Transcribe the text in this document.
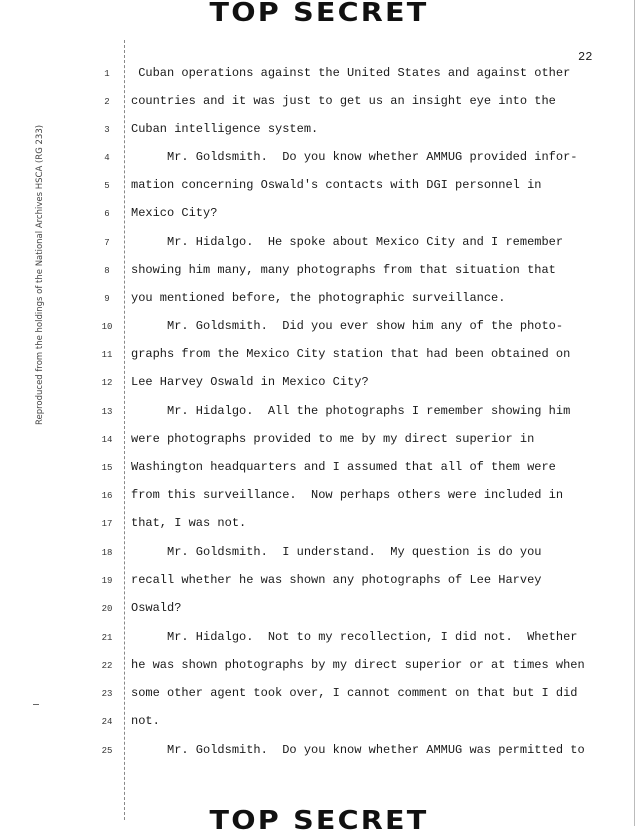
TOP SECRET
22
Reproduced from the holdings of the National Archives HSCA (RG 233)
1	Cuban operations against the United States and against other
2	countries and it was just to get us an insight eye into the
3	Cuban intelligence system.
4	Mr. Goldsmith.  Do you know whether AMMUG provided infor-
5	mation concerning Oswald's contacts with DGI personnel in
6	Mexico City?
7	Mr. Hidalgo.  He spoke about Mexico City and I remember
8	showing him many, many photographs from that situation that
9	you mentioned before, the photographic surveillance.
10	Mr. Goldsmith.  Did you ever show him any of the photo-
11	graphs from the Mexico City station that had been obtained on
12	Lee Harvey Oswald in Mexico City?
13	Mr. Hidalgo.  All the photographs I remember showing him
14	were photographs provided to me by my direct superior in
15	Washington headquarters and I assumed that all of them were
16	from this surveillance.  Now perhaps others were included in
17	that, I was not.
18	Mr. Goldsmith.  I understand.  My question is do you
19	recall whether he was shown any photographs of Lee Harvey
20	Oswald?
21	Mr. Hidalgo.  Not to my recollection, I did not.  Whether
22	he was shown photographs by my direct superior or at times when
23	some other agent took over, I cannot comment on that but I did
24	not.
25	Mr. Goldsmith.  Do you know whether AMMUG was permitted to
TOP SECRET
